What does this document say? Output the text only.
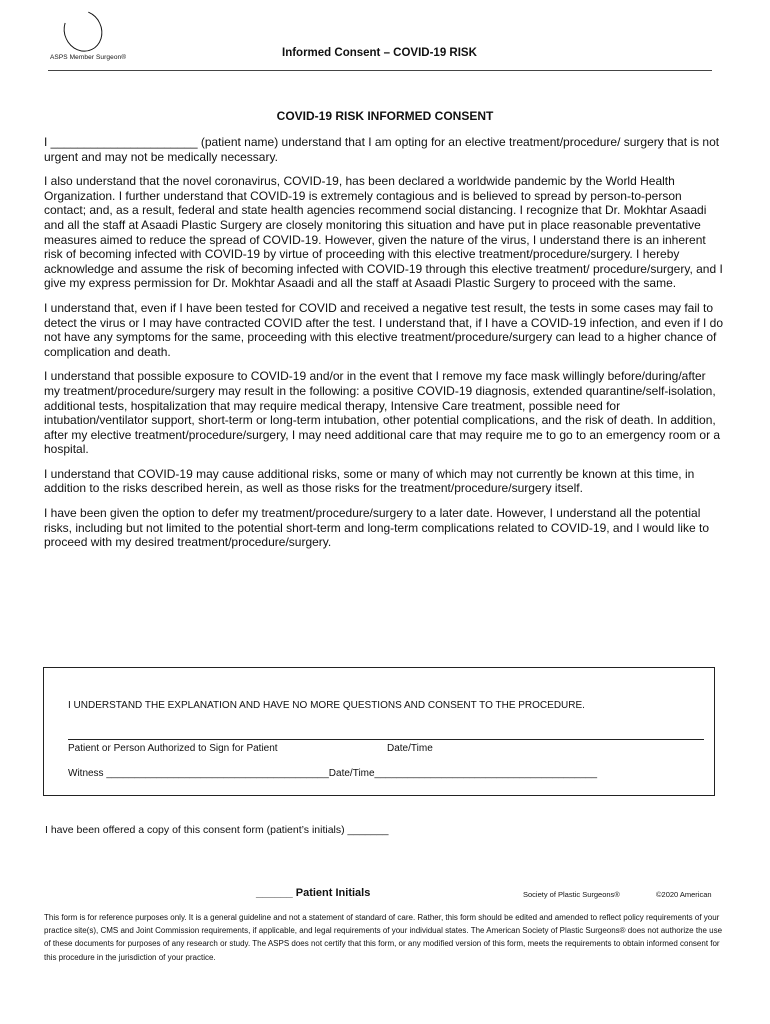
ASPS Member Surgeon®	Informed Consent – COVID-19 RISK
COVID-19 RISK INFORMED CONSENT

I ______________________ (patient name) understand that I am opting for an elective treatment/procedure/ surgery that is not urgent and may not be medically necessary.

I also understand that the novel coronavirus, COVID-19, has been declared a worldwide pandemic by the World Health Organization. I further understand that COVID-19 is extremely contagious and is believed to spread by person-to-person contact; and, as a result, federal and state health agencies recommend social distancing. I recognize that Dr. Mokhtar Asaadi and all the staff at Asaadi Plastic Surgery are closely monitoring this situation and have put in place reasonable preventative measures aimed to reduce the spread of COVID-19. However, given the nature of the virus, I understand there is an inherent risk of becoming infected with COVID-19 by virtue of proceeding with this elective treatment/procedure/surgery. I hereby acknowledge and assume the risk of becoming infected with COVID-19 through this elective treatment/ procedure/surgery, and I give my express permission for Dr. Mokhtar Asaadi and all the staff at Asaadi Plastic Surgery to proceed with the same.

I understand that, even if I have been tested for COVID and received a negative test result, the tests in some cases may fail to detect the virus or I may have contracted COVID after the test. I understand that, if I have a COVID-19 infection, and even if I do not have any symptoms for the same, proceeding with this elective treatment/procedure/surgery can lead to a higher chance of complication and death.

I understand that possible exposure to COVID-19 and/or in the event that I remove my face mask willingly before/during/after my treatment/procedure/surgery may result in the following: a positive COVID-19 diagnosis, extended quarantine/self-isolation, additional tests, hospitalization that may require medical therapy, Intensive Care treatment, possible need for intubation/ventilator support, short-term or long-term intubation, other potential complications, and the risk of death. In addition, after my elective treatment/procedure/surgery, I may need additional care that may require me to go to an emergency room or a hospital.

I understand that COVID-19 may cause additional risks, some or many of which may not currently be known at this time, in addition to the risks described herein, as well as those risks for the treatment/procedure/surgery itself.

I have been given the option to defer my treatment/procedure/surgery to a later date. However, I understand all the potential risks, including but not limited to the potential short-term and long-term complications related to COVID-19, and I would like to proceed with my desired treatment/procedure/surgery.

I UNDERSTAND THE EXPLANATION AND HAVE NO MORE QUESTIONS AND CONSENT TO THE PROCEDURE.
Patient or Person Authorized to Sign for Patient	Date/Time
Witness ________________________________________Date/Time________________________________________
I have been offered a copy of this consent form (patient’s initials) _______
______ Patient Initials	Society of Plastic Surgeons®	©2020 American
This form is for reference purposes only. It is a general guideline and not a statement of standard of care. Rather, this form should be edited and amended to reflect policy requirements of your practice site(s), CMS and Joint Commission requirements, if applicable, and legal requirements of your individual states. The American Society of Plastic Surgeons® does not authorize the use of these documents for purposes of any research or study. The ASPS does not certify that this form, or any modified version of this form, meets the requirements to obtain informed consent for this procedure in the jurisdiction of your practice.
